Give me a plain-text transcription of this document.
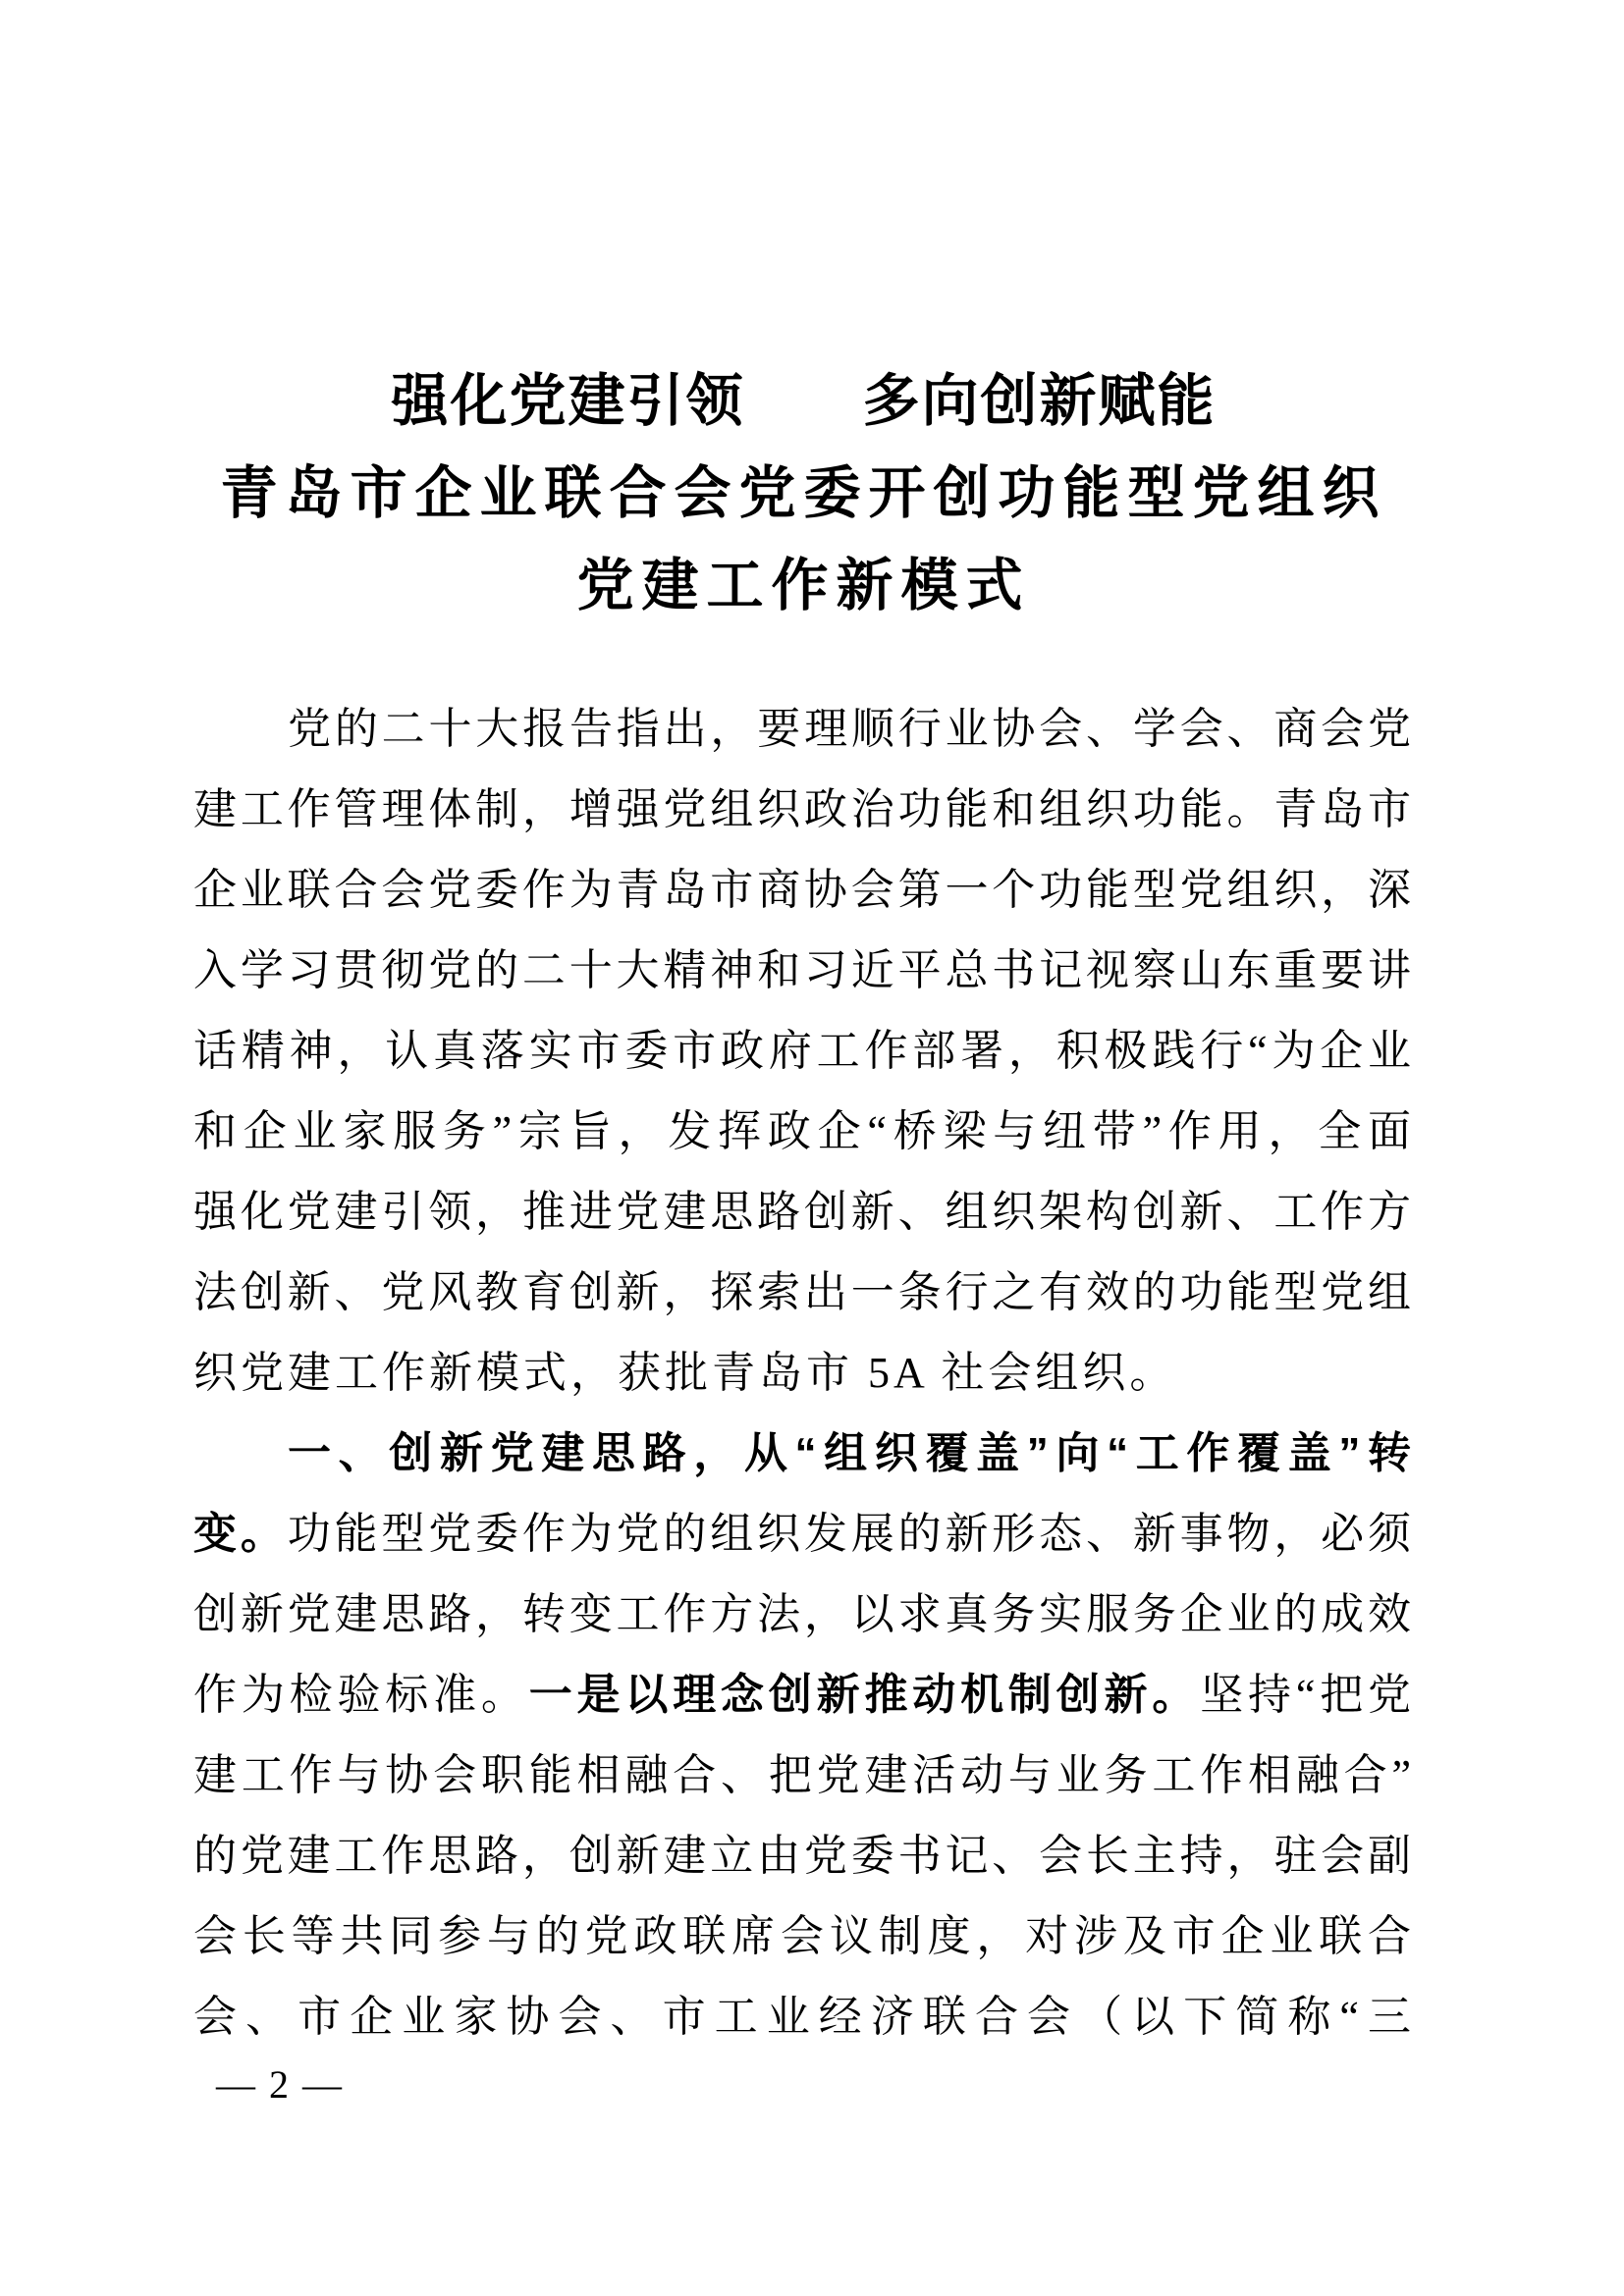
强化党建引领　　多向创新赋能
青岛市企业联合会党委开创功能型党组织
党建工作新模式
党的二十大报告指出，要理顺行业协会、学会、商会党
建工作管理体制，增强党组织政治功能和组织功能。青岛市
企业联合会党委作为青岛市商协会第一个功能型党组织，深
入学习贯彻党的二十大精神和习近平总书记视察山东重要讲
话精神，认真落实市委市政府工作部署，积极践行“为企业
和企业家服务”宗旨，发挥政企“桥梁与纽带”作用，全面
强化党建引领，推进党建思路创新、组织架构创新、工作方
法创新、党风教育创新，探索出一条行之有效的功能型党组
织党建工作新模式，获批青岛市 5A 社会组织。
一、创新党建思路，从“组织覆盖”向“工作覆盖”转
变。功能型党委作为党的组织发展的新形态、新事物，必须
创新党建思路，转变工作方法，以求真务实服务企业的成效
作为检验标准。一是以理念创新推动机制创新。坚持“把党
建工作与协会职能相融合、把党建活动与业务工作相融合”
的党建工作思路，创新建立由党委书记、会长主持，驻会副
会长等共同参与的党政联席会议制度，对涉及市企业联合
会、市企业家协会、市工业经济联合会（以下简称“三
— 2 —
